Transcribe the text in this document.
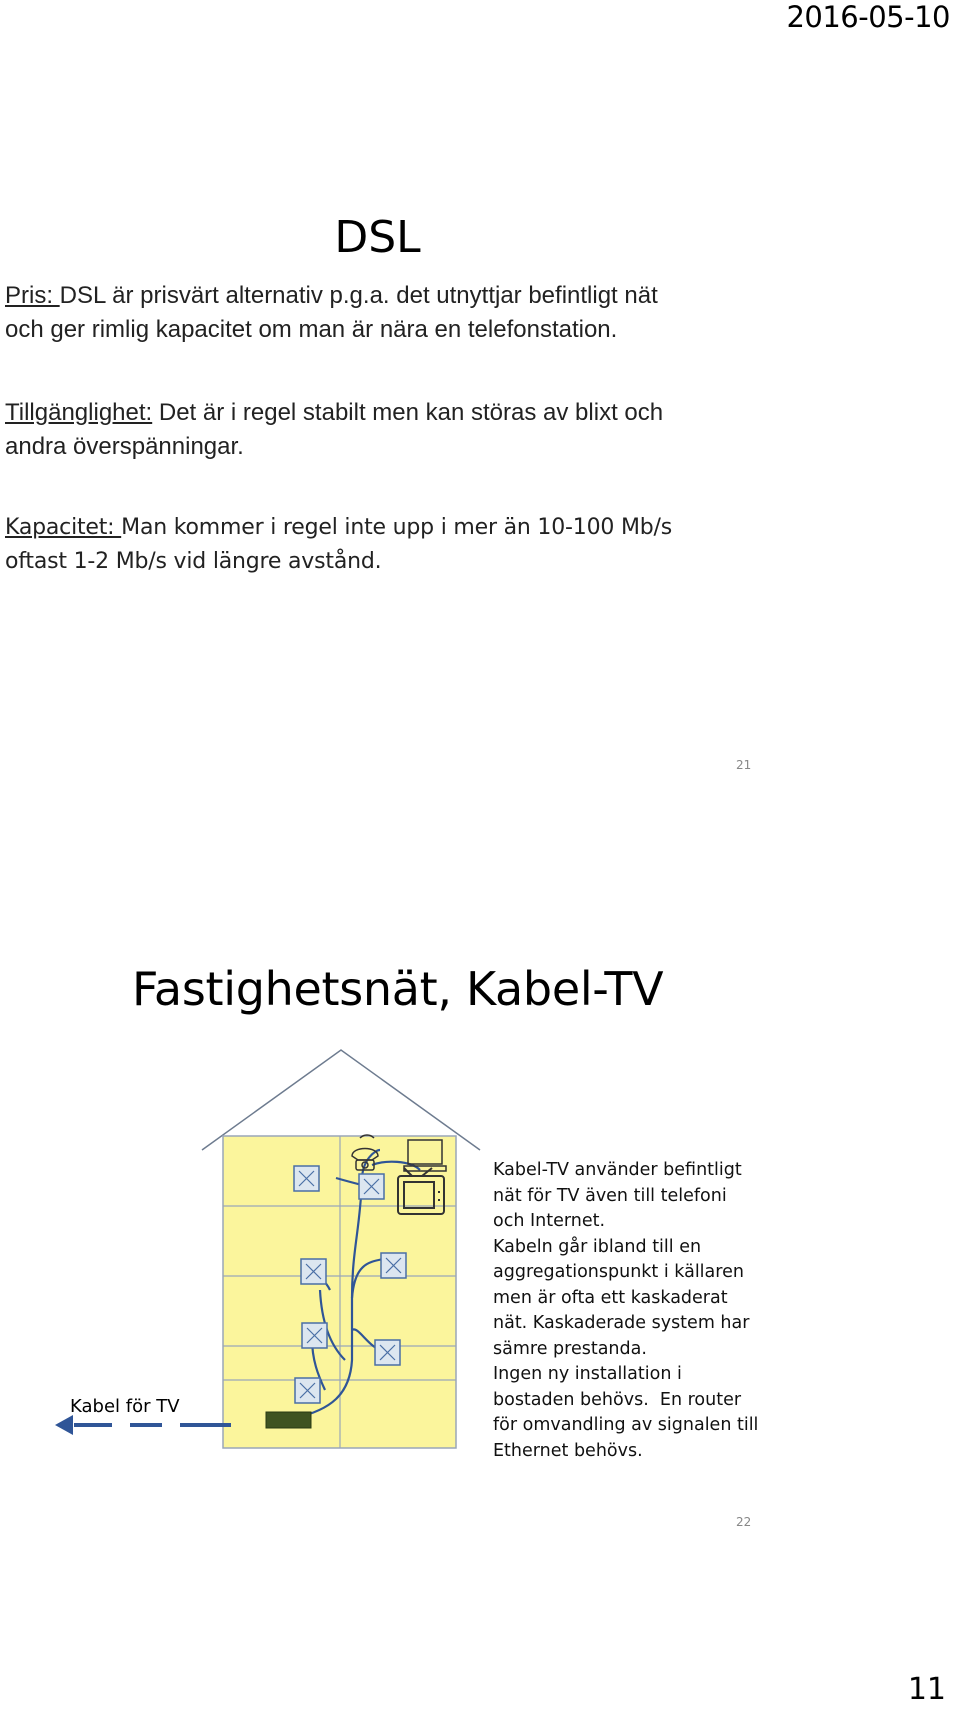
2016-05-10
DSL
Pris: DSL är prisvärt alternativ p.g.a. det utnyttjar befintligt nät
och ger rimlig kapacitet om man är nära en telefonstation.
Tillgänglighet: Det är i regel stabilt men kan störas av blixt och
andra överspänningar.
Kapacitet: Man kommer i regel inte upp i mer än 10-100 Mb/s
oftast 1-2 Mb/s vid längre avstånd.
21
Fastighetsnät, Kabel-TV
Kabel för TV

Kabel-TV använder befintligt

nät för TV även till telefoni

och Internet.

Kabeln går ibland till en

aggregationspunkt i källaren

men är ofta ett kaskaderat

nät. Kaskaderade system har

sämre prestanda.

Ingen ny installation i

bostaden behövs.  En router

för omvandling av signalen till

Ethernet behövs.

22
11
